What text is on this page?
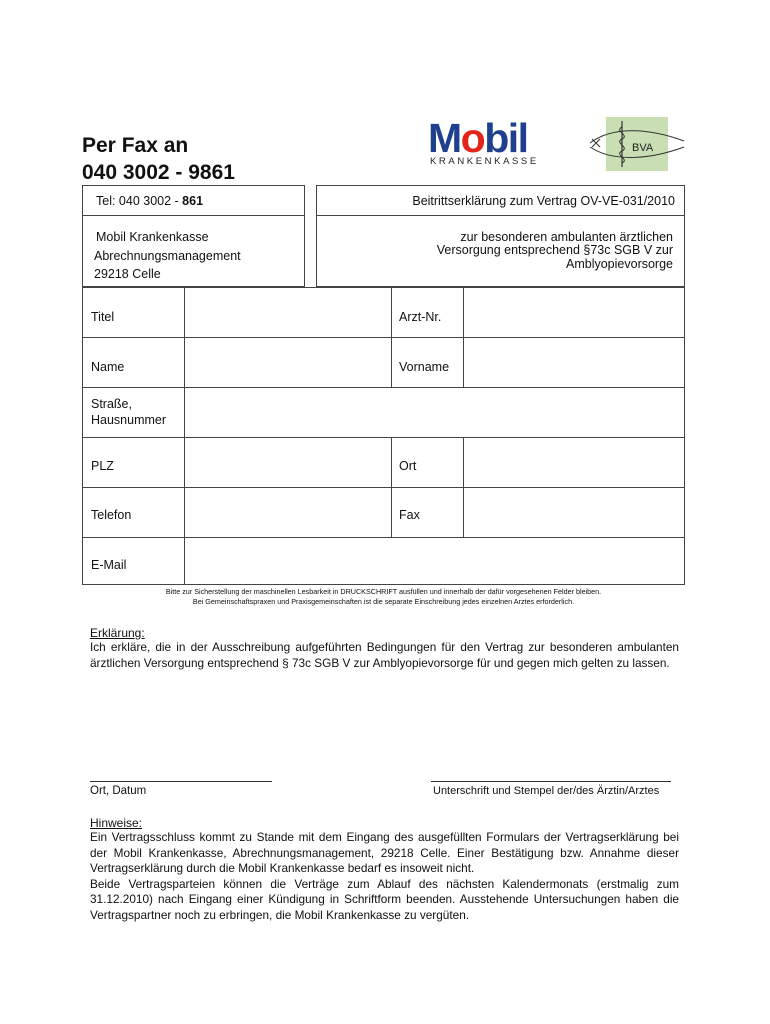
Per Fax an
040 3002 - 9861
Mobil
KRANKENKASSE
BVA
Tel: 040 3002 - 861
Mobil Krankenkasse
Abrechnungsmanagement
29218 Celle
Beitrittserklärung zum Vertrag OV-VE-031/2010
zur besonderen ambulanten ärztlichen
Versorgung entsprechend §73c SGB V zur
Amblyopievorsorge
Titel	Arzt-Nr.
Name	Vorname
Straße,
Hausnummer
PLZ	Ort
Telefon	Fax
E-Mail
Bitte zur Sicherstellung der maschinellen Lesbarkeit in DRUCKSCHRIFT ausfüllen und innerhalb der dafür vorgesehenen Felder bleiben.
Bei Gemeinschaftspraxen und Praxisgemeinschaften ist die separate Einschreibung jedes einzelnen Arztes erforderlich.
Erklärung:
Ich erkläre, die in der Ausschreibung aufgeführten Bedingungen für den Vertrag zur besonderen ambulanten ärztlichen Versorgung entsprechend § 73c SGB V zur Amblyopievorsorge für und gegen mich gelten zu lassen.
Ort, Datum	Unterschrift und Stempel der/des Ärztin/Arztes
Hinweise:

Ein Vertragsschluss kommt zu Stande mit dem Eingang des ausgefüllten Formulars der Vertragserklärung bei der Mobil Krankenkasse, Abrechnungsmanagement, 29218 Celle. Einer Bestätigung bzw. Annahme dieser Vertragserklärung durch die Mobil Krankenkasse bedarf es insoweit nicht.

Beide Vertragsparteien können die Verträge zum Ablauf des nächsten Kalendermonats (erstmalig zum 31.12.2010) nach Eingang einer Kündigung in Schriftform beenden. Ausstehende Untersuchungen haben die Vertragspartner noch zu erbringen, die Mobil Krankenkasse zu vergüten.
